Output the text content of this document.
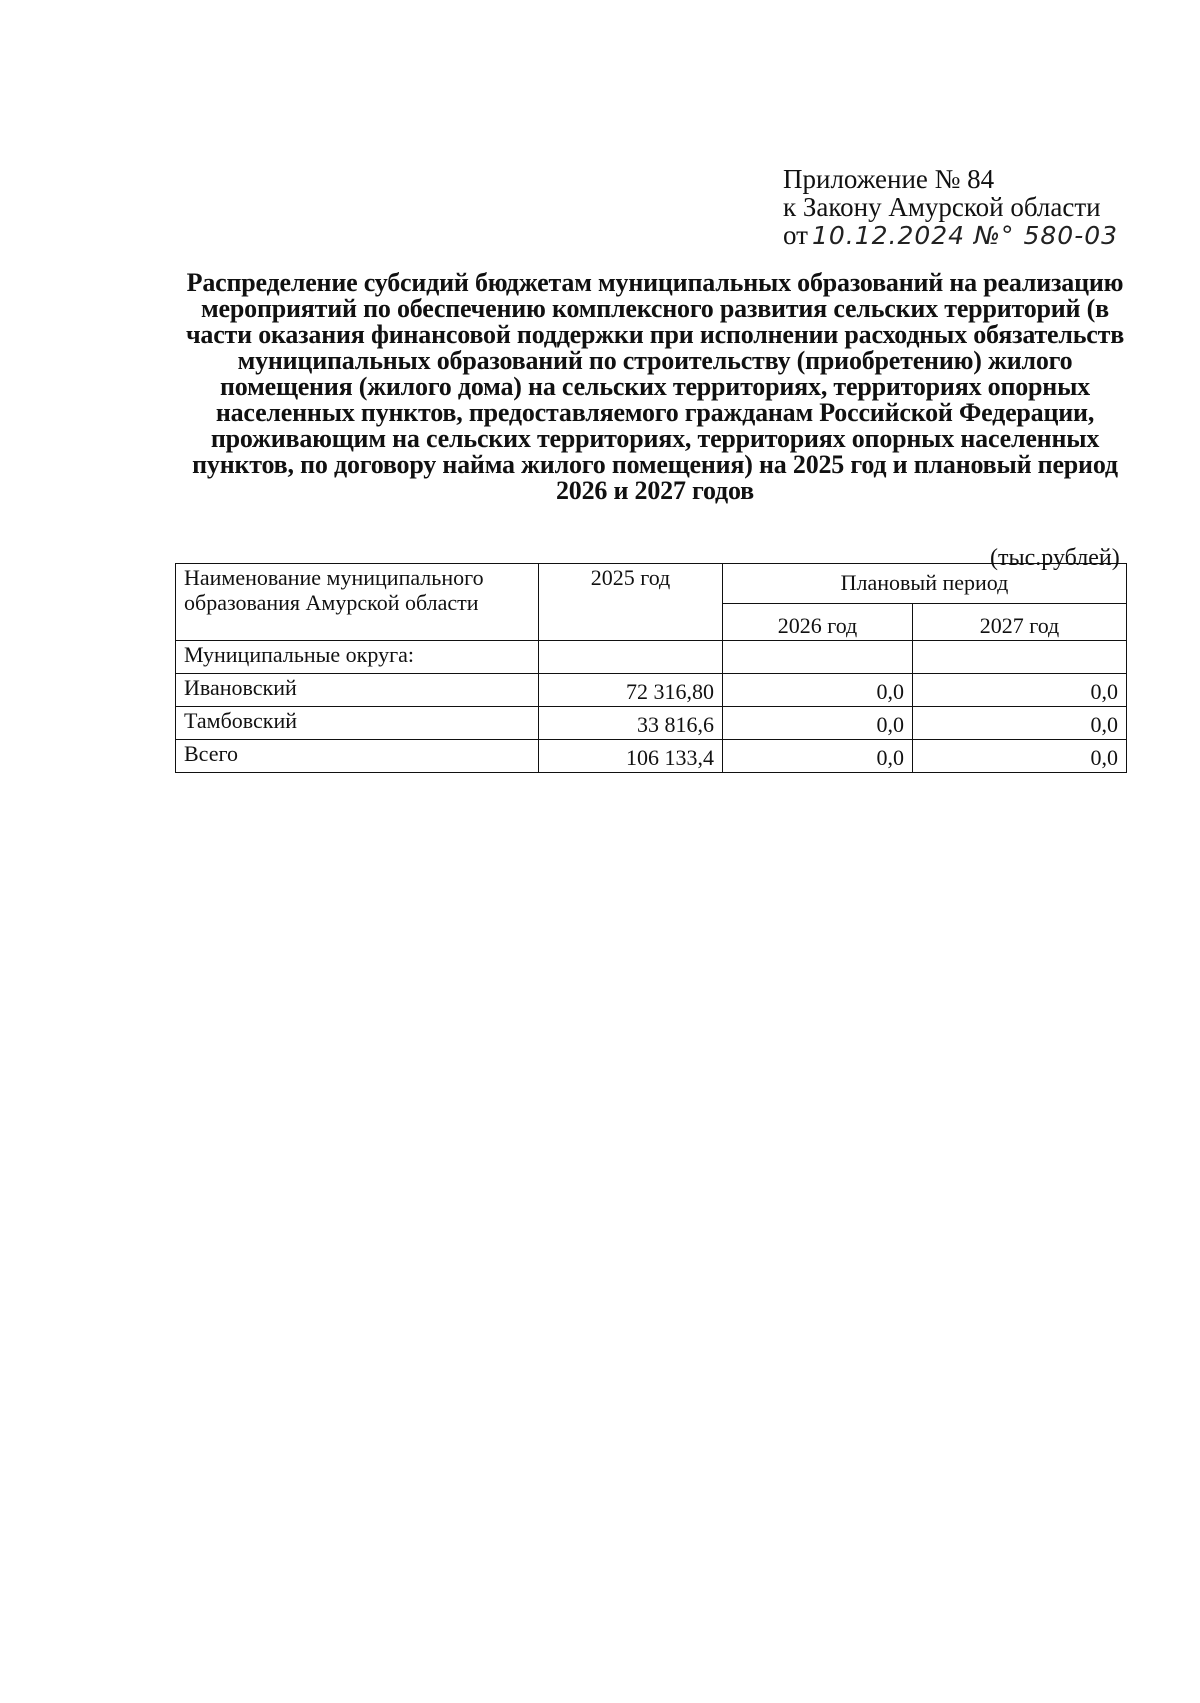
Приложение № 84
к Закону Амурской области
от 10.12.2024 №° 580-03
Распределение субсидий бюджетам муниципальных образований на реализацию мероприятий по обеспечению комплексного развития сельских территорий (в части оказания финансовой поддержки при исполнении расходных обязательств муниципальных образований по строительству (приобретению) жилого помещения (жилого дома) на сельских территориях, территориях опорных населенных пунктов, предоставляемого гражданам Российской Федерации, проживающим на сельских территориях, территориях опорных населенных пунктов, по договору найма жилого помещения) на 2025 год и плановый период 2026 и 2027 годов
(тыс.рублей)
Наименование муниципального образования Амурской области	2025 год	Плановый период	
		2026 год	2027 год
Муниципальные округа:			
Ивановский	72 316,80	0,0	0,0
Тамбовский	33 816,6	0,0	0,0
Всего	106 133,4	0,0	0,0
